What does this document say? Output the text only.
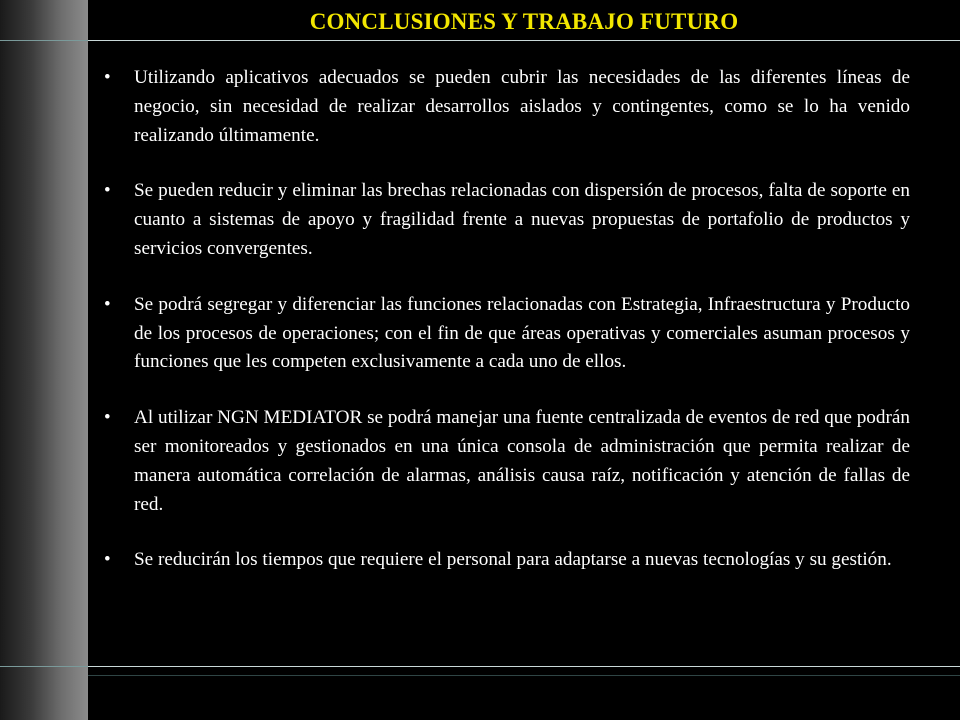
CONCLUSIONES Y TRABAJO FUTURO
• Utilizando aplicativos adecuados se pueden cubrir las necesidades de las diferentes líneas de negocio, sin necesidad de realizar desarrollos aislados y contingentes, como se lo ha venido realizando últimamente.
• Se pueden reducir y eliminar las brechas relacionadas con dispersión de procesos, falta de soporte en cuanto a sistemas de apoyo y fragilidad frente a nuevas propuestas de portafolio de productos y servicios convergentes.
• Se podrá segregar y diferenciar las funciones relacionadas con Estrategia, Infraestructura y Producto de los procesos de operaciones; con el fin de que áreas operativas y comerciales asuman procesos y funciones que les competen exclusivamente a cada uno de ellos.
• Al utilizar NGN MEDIATOR se podrá manejar una fuente centralizada de eventos de red que podrán ser monitoreados y gestionados en una única consola de administración que permita realizar de manera automática correlación de alarmas, análisis causa raíz, notificación y atención de fallas de red.
• Se reducirán los tiempos que requiere el personal para adaptarse a nuevas tecnologías y su gestión.
